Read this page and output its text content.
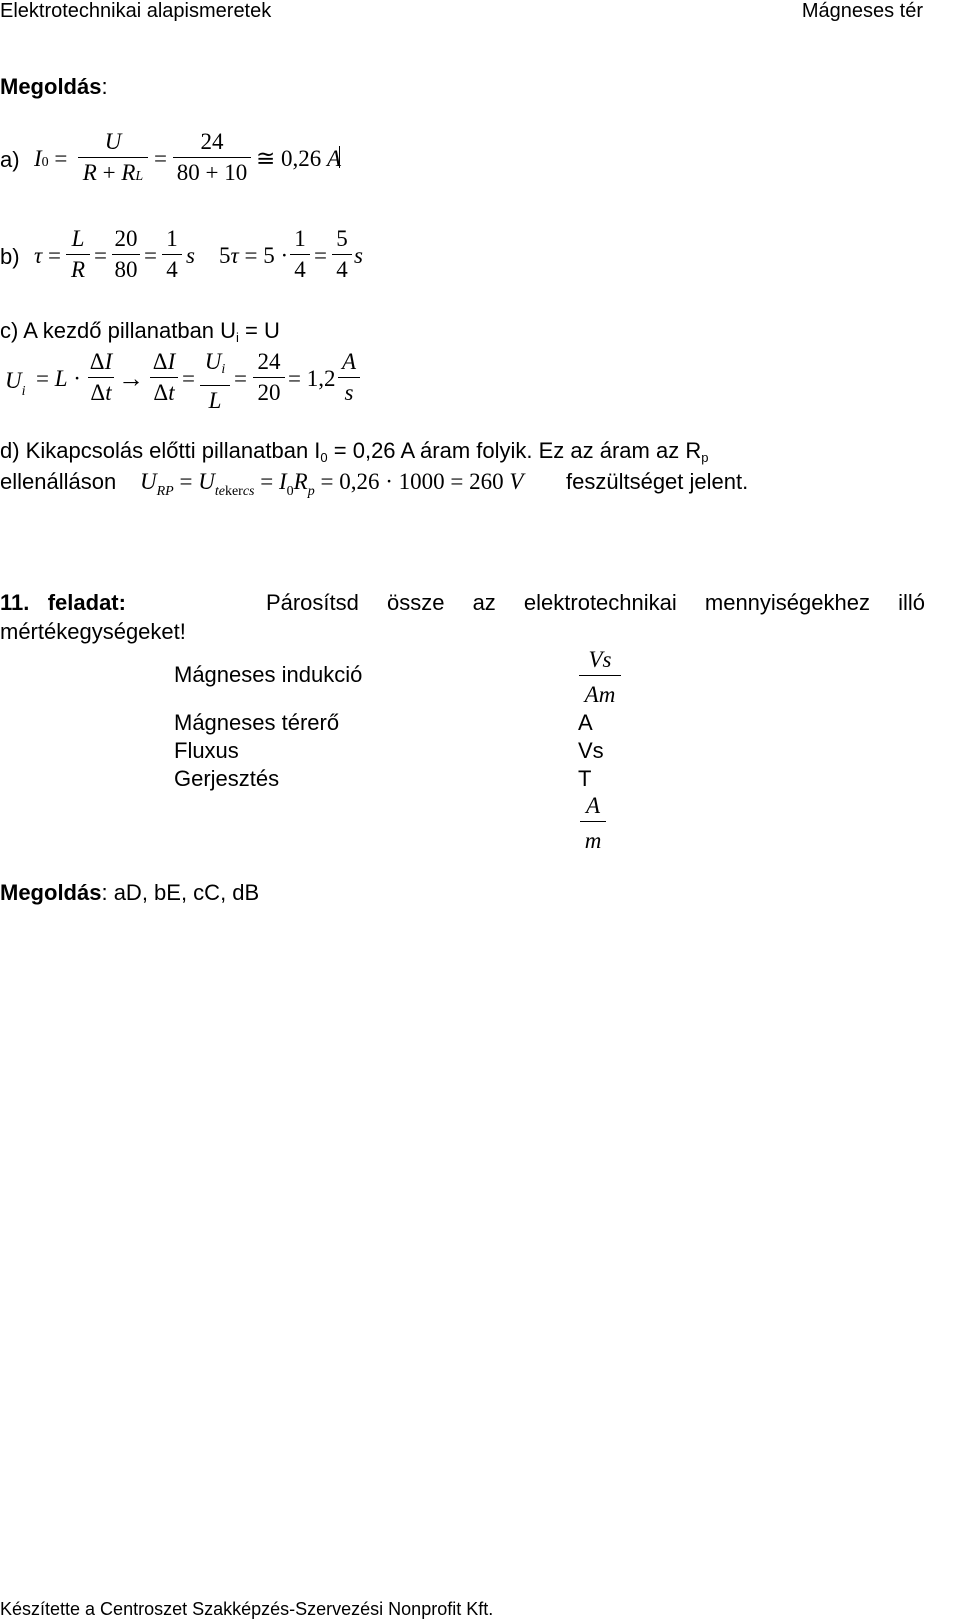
Elektrotechnikai alapismeretek	Mágneses tér
Megoldás:
a) I0 =
U
R + RL
=
24
80 + 10
≅ 0,26 A
b) τ =
L
R
=
20
80
=
1
4
s 5τ = 5 ·
1
4
=
5
4
s
c) A kezdő pillanatban Ui = U
$U_i$
= L ·
ΔI
Δt →
ΔI
Δt
=
Ui
L
=
24
20
= 1,2
A
s
d) Kikapcsolás előtti pillanatban I0 = 0,26 A áram folyik. Ez az áram az Rp
ellenálláson $U_{RP} = U_{tekercs} = I_0R_p = 0,26 \cdot 1000 = 260$ V feszültséget jelent.
11. feladat:	Párosítsd össze az elektrotechnikai mennyiségekhez illó
mértékegységeket!
Mágneses indukció
Mágneses térerő
Fluxus
Gerjesztés
Vs
Am
A
Vs
T
A
m
Megoldás: aD, bE, cC, dB
Készítette a Centroszet Szakképzés-Szervezési Nonprofit Kft.
